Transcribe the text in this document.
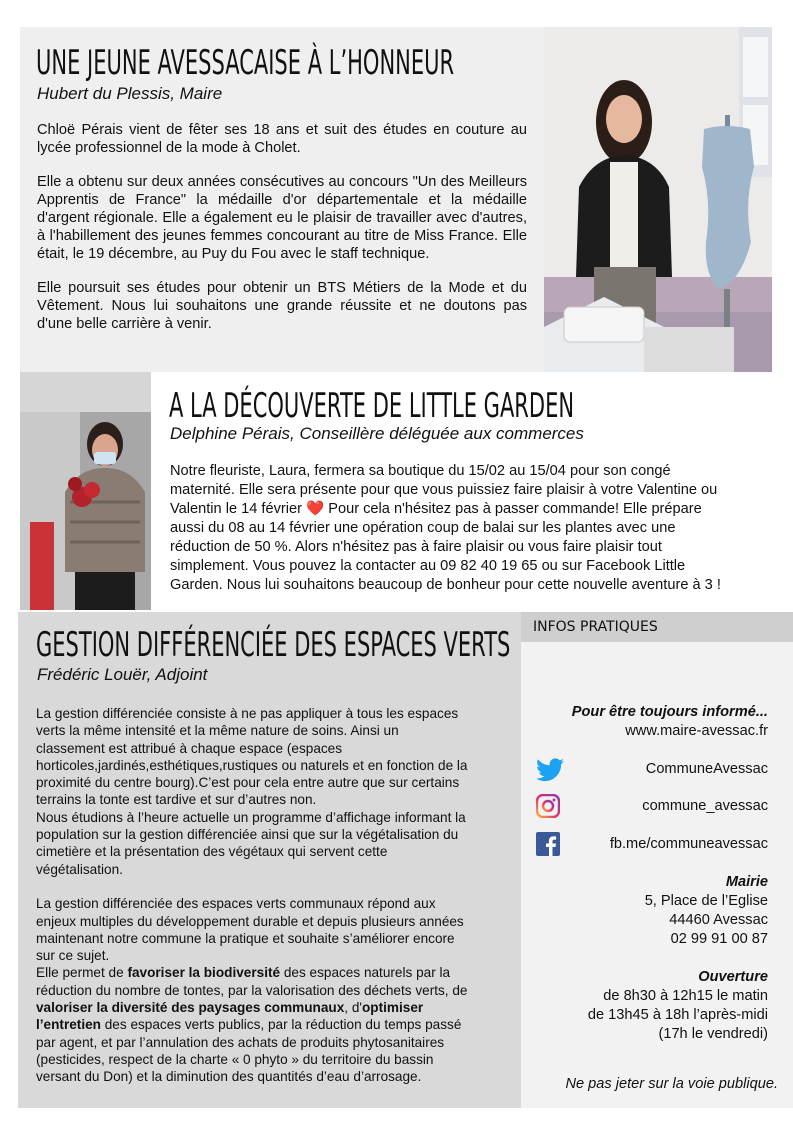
UNE JEUNE AVESSACAISE À L’HONNEUR
Hubert du Plessis, Maire

Chloë Pérais vient de fêter ses 18 ans et suit des études en couture au lycée professionnel de la mode à Cholet.

Elle a obtenu sur deux années consécutives au concours "Un des Meilleurs Apprentis de France" la médaille d'or départementale et la médaille d'argent régionale. Elle a également eu le plaisir de travailler avec d'autres, à l'habillement des jeunes femmes concourant au titre de Miss France. Elle était, le 19 décembre, au Puy du Fou avec le staff technique.

Elle poursuit ses études pour obtenir un BTS Métiers de la Mode et du Vêtement. Nous lui souhaitons une grande réussite et ne doutons pas d'une belle carrière à venir.

A LA DÉCOUVERTE DE LITTLE GARDEN
Delphine Pérais, Conseillère déléguée aux commerces
Notre fleuriste, Laura, fermera sa boutique du 15/02 au 15/04 pour son congé
maternité. Elle sera présente pour que vous puissiez faire plaisir à votre Valentine ou
Valentin le 14 février ❤️ Pour cela n'hésitez pas à passer commande! Elle prépare
aussi du 08 au 14 février une opération coup de balai sur les plantes avec une
réduction de 50 %. Alors n'hésitez pas à faire plaisir ou vous faire plaisir tout
simplement. Vous pouvez la contacter au 09 82 40 19 65 ou sur Facebook Little
Garden. Nous lui souhaitons beaucoup de bonheur pour cette nouvelle aventure à 3 !
GESTION DIFFÉRENCIÉE DES ESPACES VERTS
Frédéric Louër, Adjoint
La gestion différenciée consiste à ne pas appliquer à tous les espaces
verts la même intensité et la même nature de soins. Ainsi un
classement est attribué à chaque espace (espaces
horticoles,jardinés,esthétiques,rustiques ou naturels et en fonction de la
proximité du centre bourg).C’est pour cela entre autre que sur certains
terrains la tonte est tardive et sur d’autres non.
Nous étudions à l’heure actuelle un programme d’affichage informant la
population sur la gestion différenciée ainsi que sur la végétalisation du
cimetière et la présentation des végétaux qui servent cette
végétalisation.
La gestion différenciée des espaces verts communaux répond aux
enjeux multiples du développement durable et depuis plusieurs années
maintenant notre commune la pratique et souhaite s’améliorer encore
sur ce sujet.
Elle permet de favoriser la biodiversité des espaces naturels par la
réduction du nombre de tontes, par la valorisation des déchets verts, de
valoriser la diversité des paysages communaux, d'optimiser
l’entretien des espaces verts publics, par la réduction du temps passé
par agent, et par l’annulation des achats de produits phytosanitaires
(pesticides, respect de la charte « 0 phyto » du territoire du bassin
versant du Don) et la diminution des quantités d’eau d’arrosage.
INFOS PRATIQUES
Pour être toujours informé...
www.maire-avessac.fr
CommuneAvessac
commune_avessac
fb.me/communeavessac
Mairie
5, Place de l’Eglise
44460 Avessac
02 99 91 00 87
Ouverture
de 8h30 à 12h15 le matin
de 13h45 à 18h l’après-midi
(17h le vendredi)
Ne pas jeter sur la voie publique.
